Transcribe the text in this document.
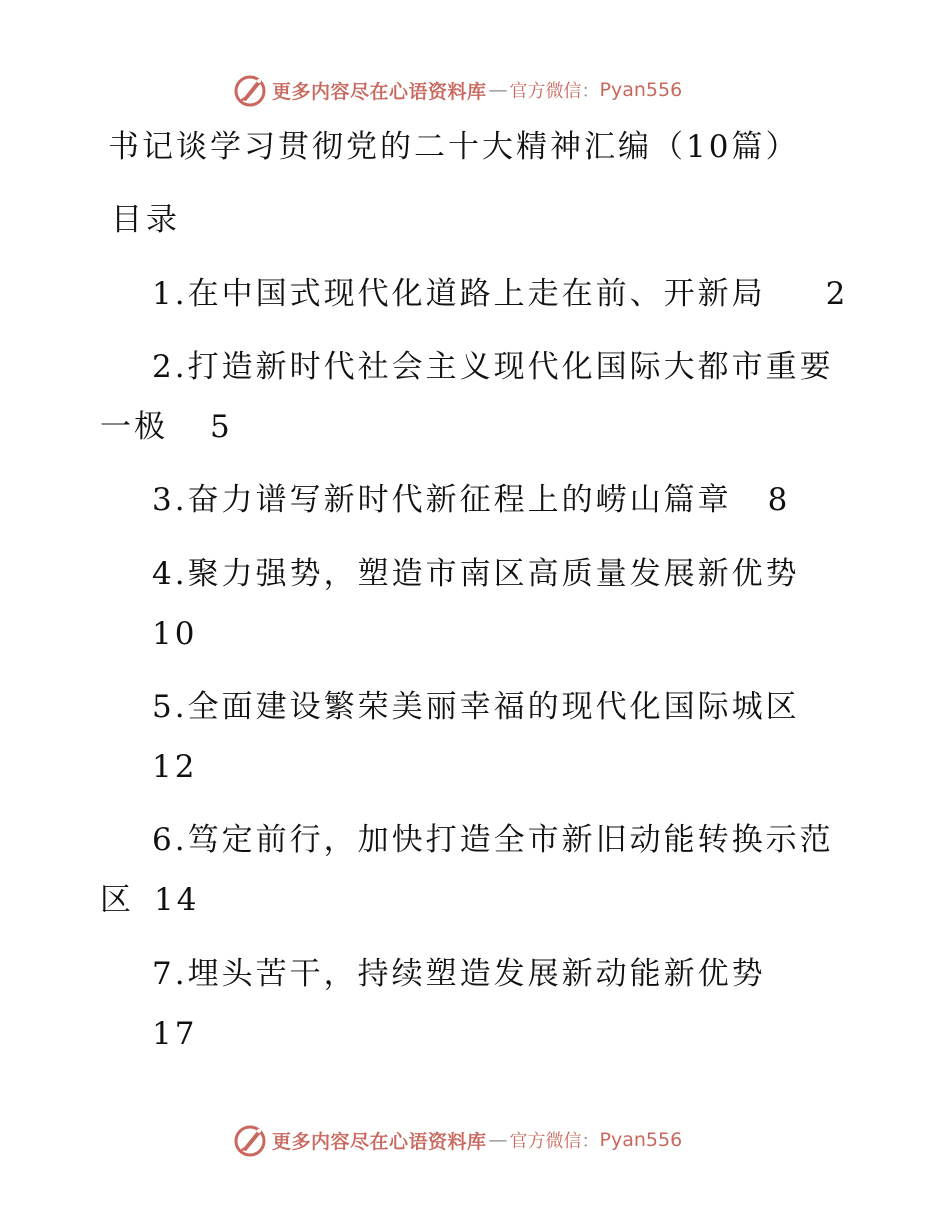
更多内容尽在心语资料库 — 官方微信： Pyan556
书记谈学习贯彻党的二十大精神汇编（10篇）
目录
1.在中国式现代化道路上走在前、开新局 2
2.打造新时代社会主义现代化国际大都市重要
一极 5
3.奋力谱写新时代新征程上的崂山篇章 8
4.聚力强势，塑造市南区高质量发展新优势
10
5.全面建设繁荣美丽幸福的现代化国际城区
12
6.笃定前行，加快打造全市新旧动能转换示范
区 14
7.埋头苦干，持续塑造发展新动能新优势
17
更多内容尽在心语资料库 — 官方微信： Pyan556
